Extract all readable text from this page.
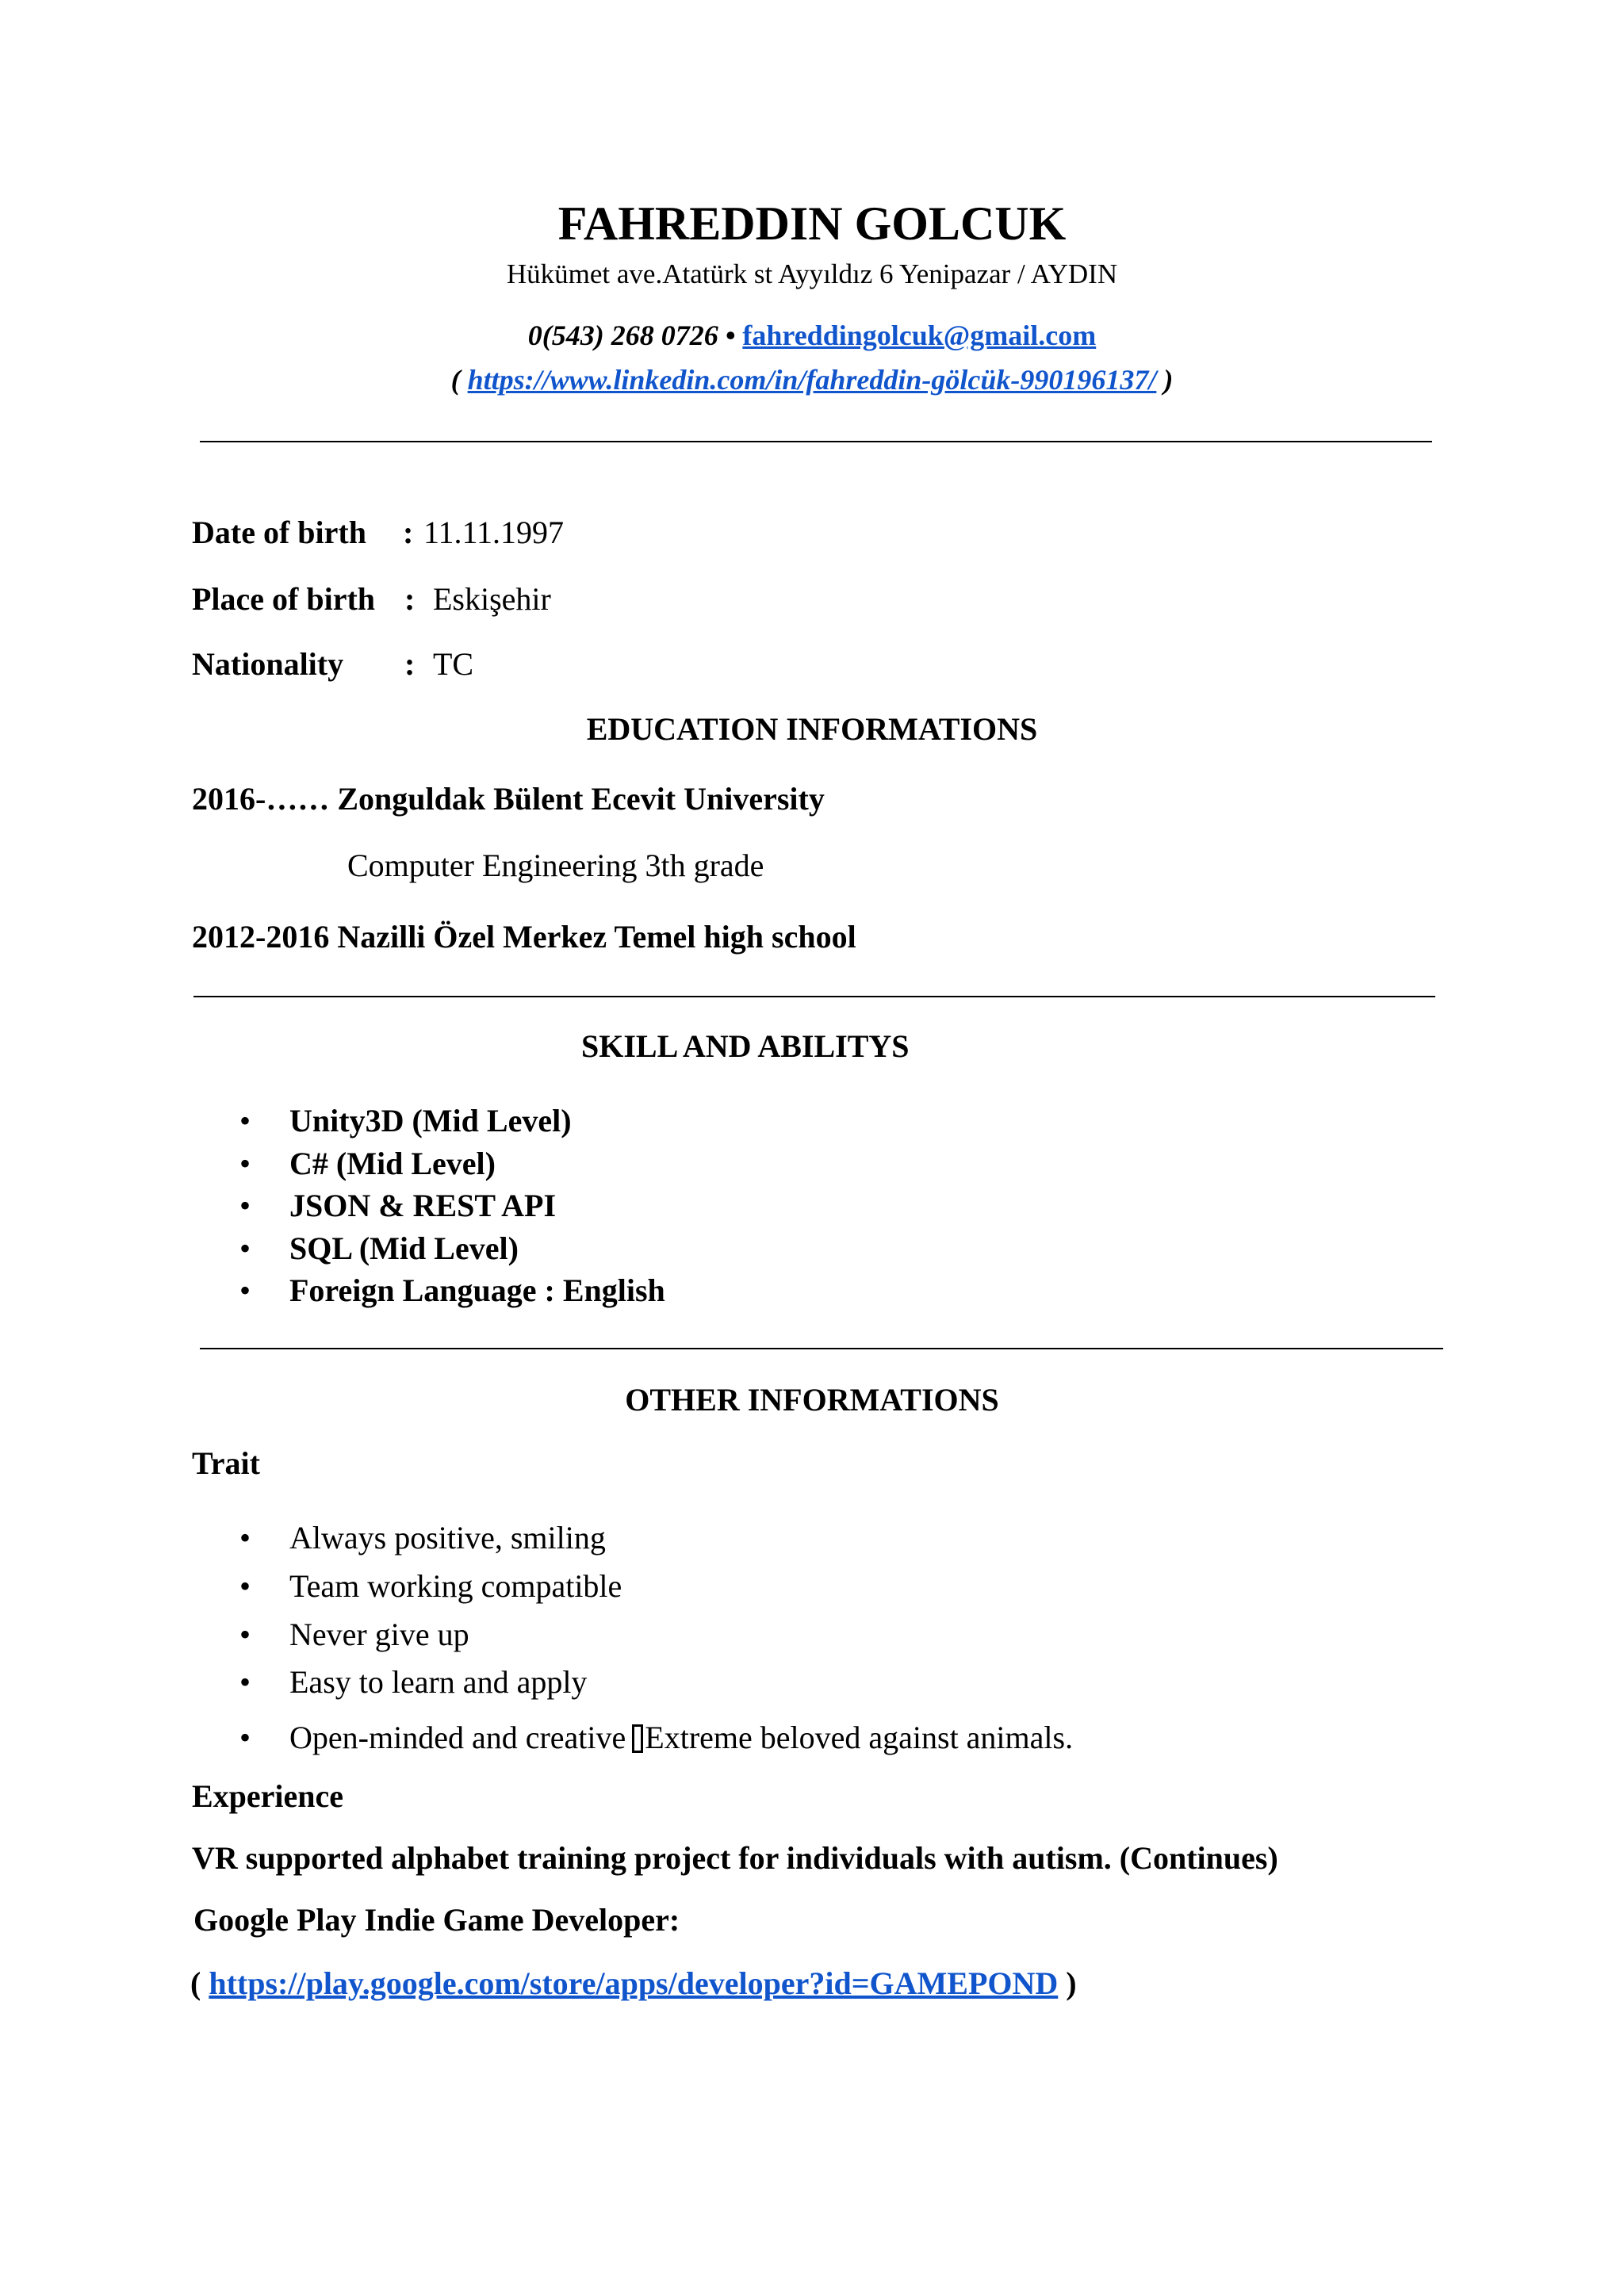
FAHREDDIN GOLCUK
Hükümet ave.Atatürk st Ayyıldız 6 Yenipazar / AYDIN
0(543) 268 0726 • fahreddingolcuk@gmail.com
( https://www.linkedin.com/in/fahreddin-gölcük-990196137/ )
Date of birth : 11.11.1997
Place of birth : Eskişehir
Nationality : TC
EDUCATION INFORMATIONS
2016-…… Zonguldak Bülent Ecevit University
Computer Engineering 3th grade
2012-2016 Nazilli Özel Merkez Temel high school
SKILL AND ABILITYS
• Unity3D (Mid Level)
• C# (Mid Level)
• JSON & REST API
• SQL (Mid Level)
• Foreign Language : English
OTHER INFORMATIONS
Trait
• Always positive, smiling
• Team working compatible
• Never give up
• Easy to learn and apply
• Open-minded and creative Extreme beloved against animals.
Experience
VR supported alphabet training project for individuals with autism. (Continues)
Google Play Indie Game Developer:
( https://play.google.com/store/apps/developer?id=GAMEPOND )
